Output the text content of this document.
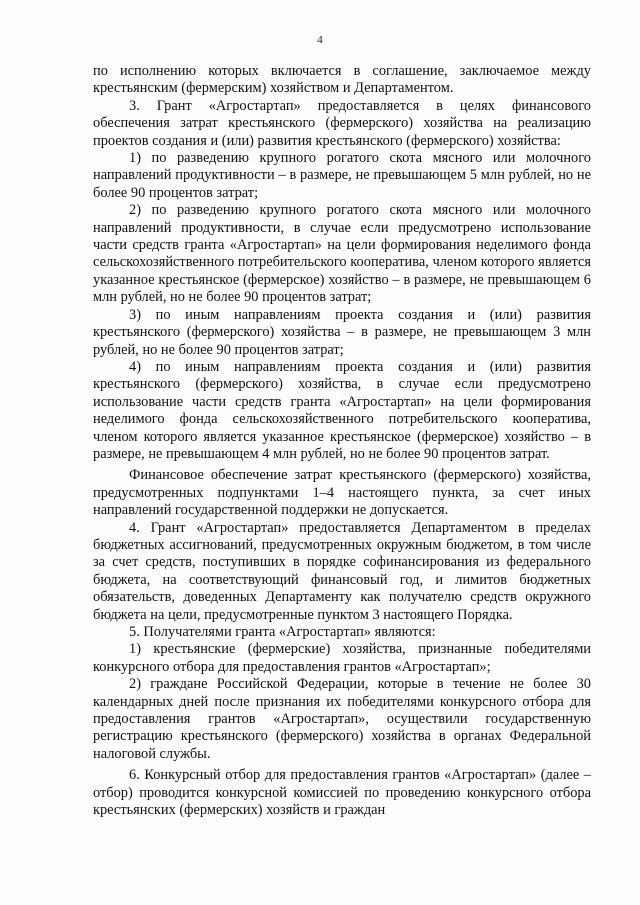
4

по исполнению которых включается в соглашение, заключаемое между крестьянским (фермерским) хозяйством и Департаментом.

3. Грант «Агростартап» предоставляется в целях финансового обеспечения затрат крестьянского (фермерского) хозяйства на реализацию проектов создания и (или) развития крестьянского (фермерского) хозяйства:

1) по разведению крупного рогатого скота мясного или молочного направлений продуктивности – в размере, не превышающем 5 млн рублей, но не более 90 процентов затрат;

2) по разведению крупного рогатого скота мясного или молочного направлений продуктивности, в случае если предусмотрено использование части средств гранта «Агростартап» на цели формирования неделимого фонда сельскохозяйственного потребительского кооператива, членом которого является указанное крестьянское (фермерское) хозяйство – в размере, не превышающем 6 млн рублей, но не более 90 процентов затрат;

3) по иным направлениям проекта создания и (или) развития крестьянского (фермерского) хозяйства – в размере, не превышающем 3 млн рублей, но не более 90 процентов затрат;

4) по иным направлениям проекта создания и (или) развития крестьянского (фермерского) хозяйства, в случае если предусмотрено использование части средств гранта «Агростартап» на цели формирования неделимого фонда сельскохозяйственного потребительского кооператива, членом которого является указанное крестьянское (фермерское) хозяйство – в размере, не превышающем 4 млн рублей, но не более 90 процентов затрат.

Финансовое обеспечение затрат крестьянского (фермерского) хозяйства, предусмотренных подпунктами 1–4 настоящего пункта, за счет иных направлений государственной поддержки не допускается.

4. Грант «Агростартап» предоставляется Департаментом в пределах бюджетных ассигнований, предусмотренных окружным бюджетом, в том числе за счет средств, поступивших в порядке софинансирования из федерального бюджета, на соответствующий финансовый год, и лимитов бюджетных обязательств, доведенных Департаменту как получателю средств окружного бюджета на цели, предусмотренные пунктом 3 настоящего Порядка.

5. Получателями гранта «Агростартап» являются:

1) крестьянские (фермерские) хозяйства, признанные победителями конкурсного отбора для предоставления грантов «Агростартап»;

2) граждане Российской Федерации, которые в течение не более 30 календарных дней после признания их победителями конкурсного отбора для предоставления грантов «Агростартап», осуществили государственную регистрацию крестьянского (фермерского) хозяйства в органах Федеральной налоговой службы.

6. Конкурсный отбор для предоставления грантов «Агростартап» (далее – отбор) проводится конкурсной комиссией по проведению конкурсного отбора крестьянских (фермерских) хозяйств и граждан
